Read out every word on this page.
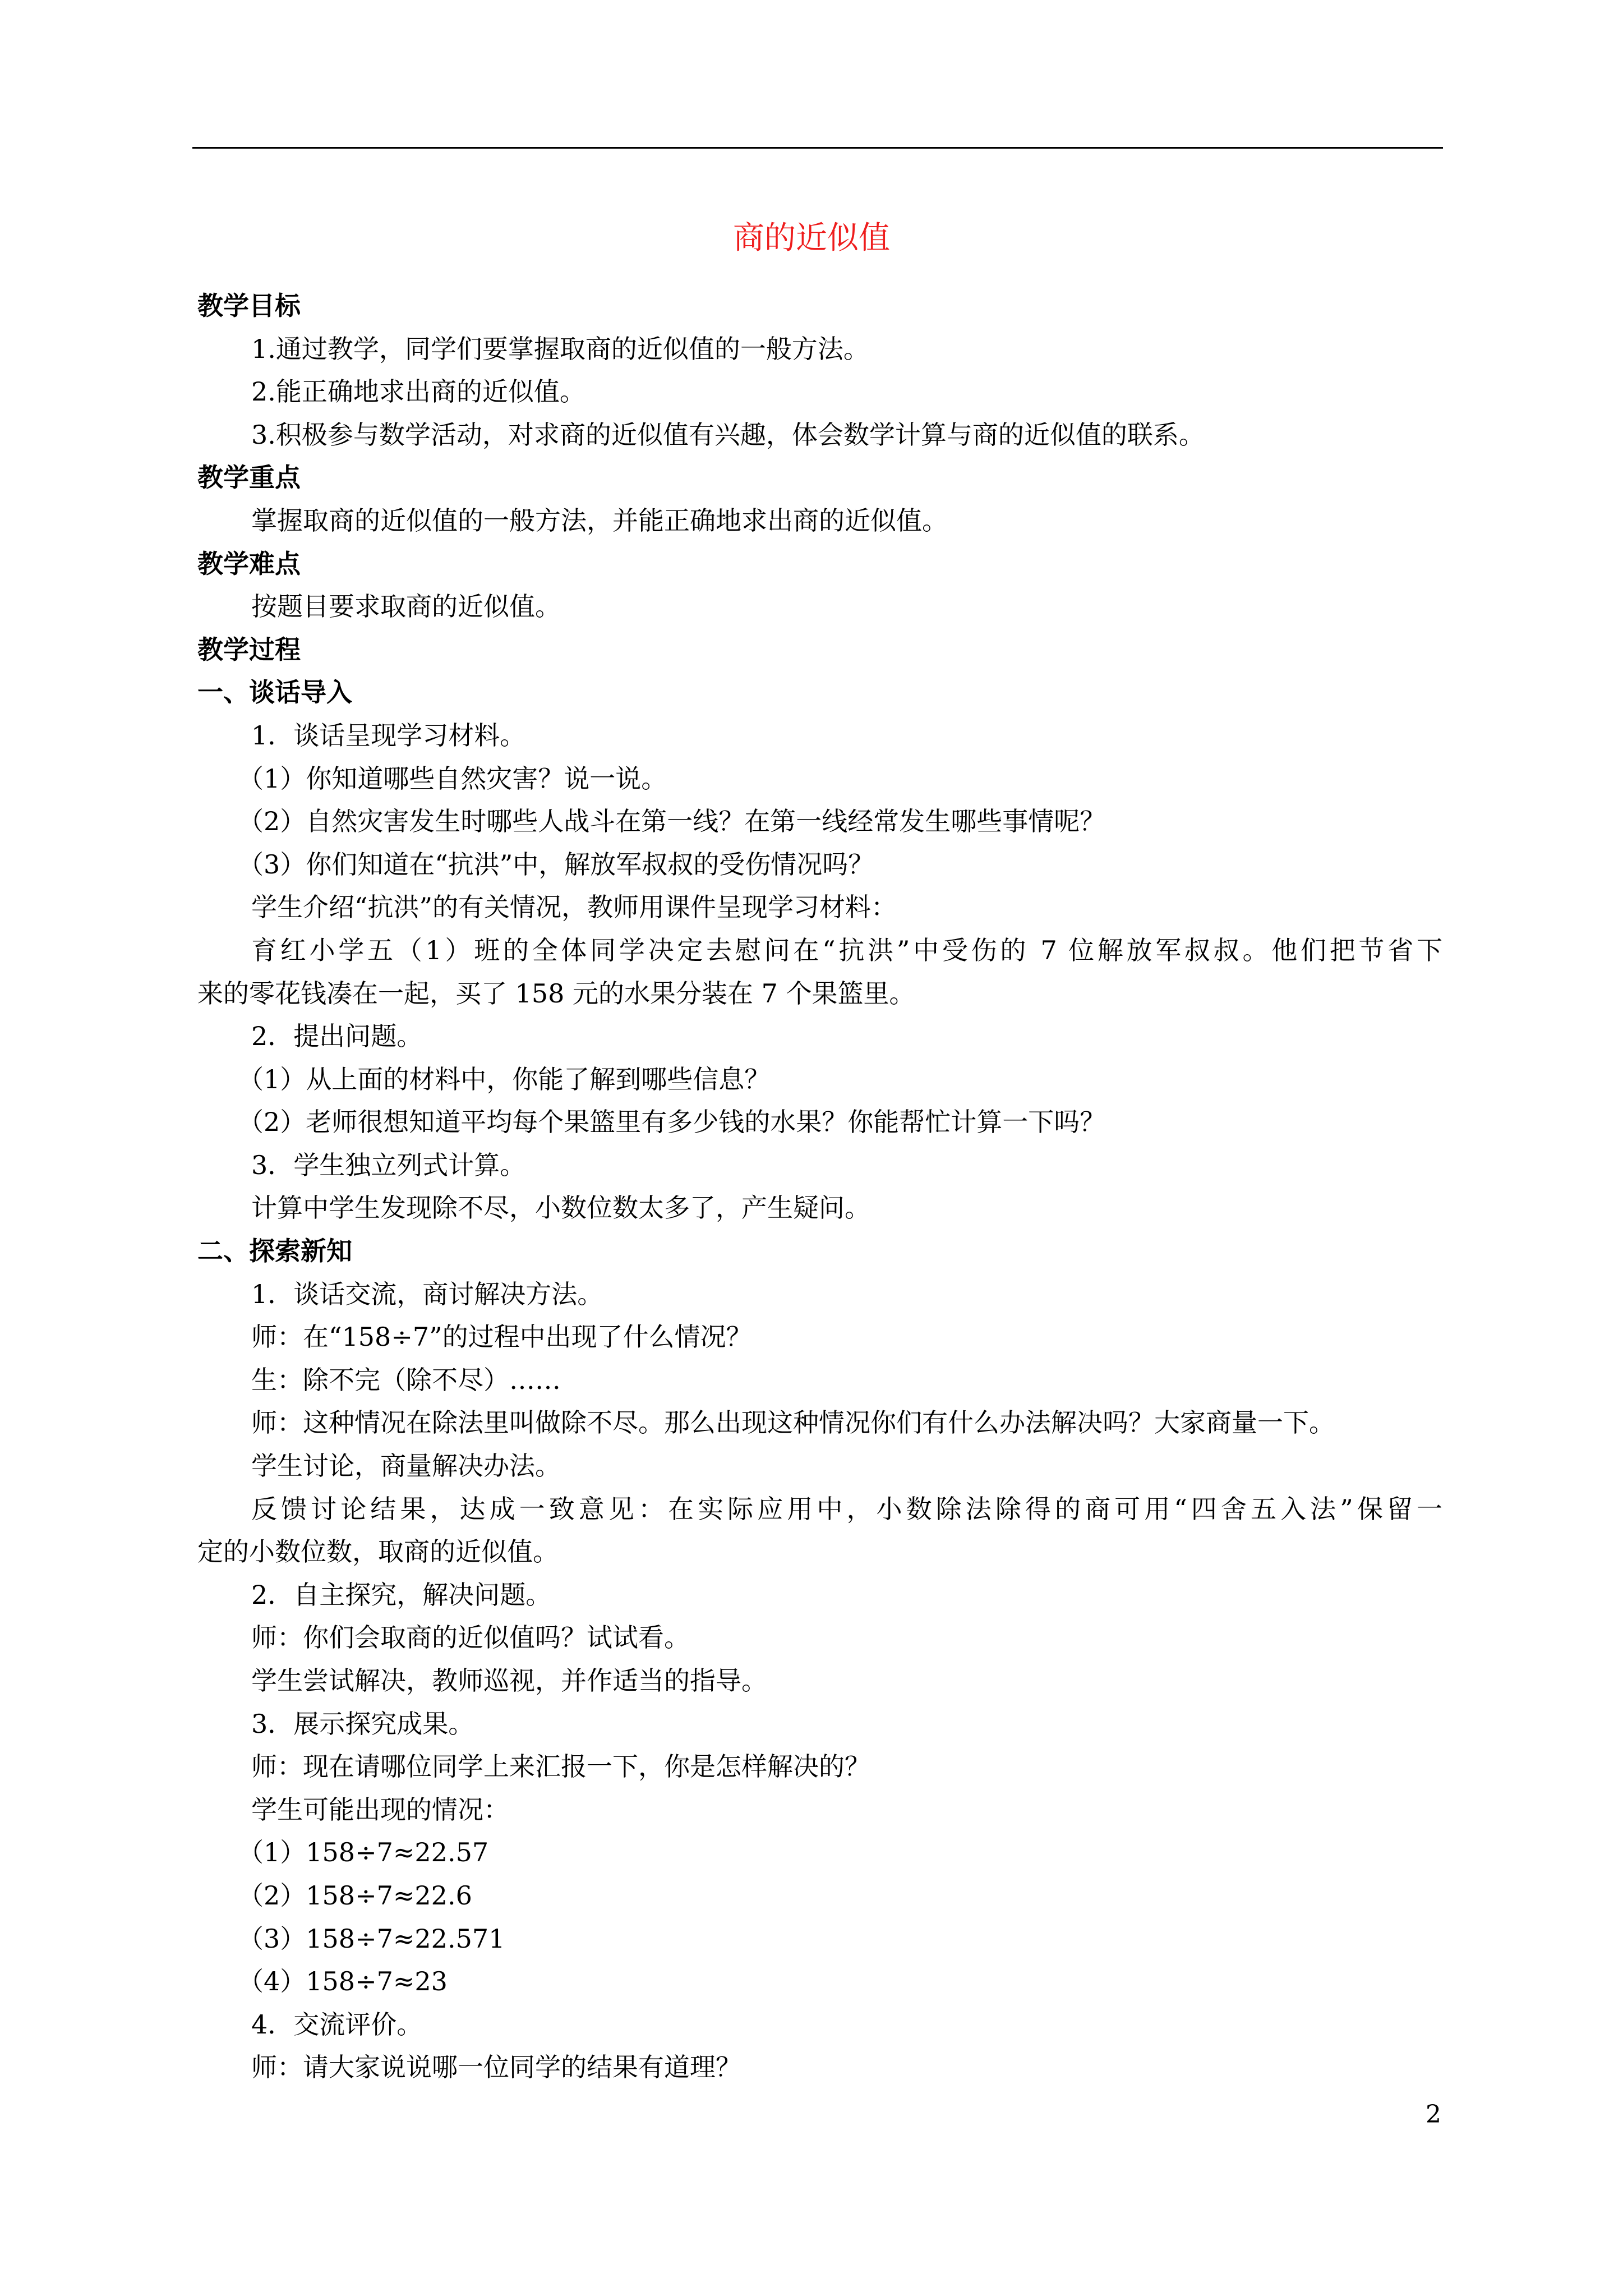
商的近似值
教学目标
1.通过教学，同学们要掌握取商的近似值的一般方法。
2.能正确地求出商的近似值。
3.积极参与数学活动，对求商的近似值有兴趣，体会数学计算与商的近似值的联系。
教学重点
掌握取商的近似值的一般方法，并能正确地求出商的近似值。
教学难点
按题目要求取商的近似值。
教学过程
一、谈话导入
1．谈话呈现学习材料。
（1）你知道哪些自然灾害？说一说。
（2）自然灾害发生时哪些人战斗在第一线？在第一线经常发生哪些事情呢？
（3）你们知道在“抗洪”中，解放军叔叔的受伤情况吗？
学生介绍“抗洪”的有关情况，教师用课件呈现学习材料：
育红小学五（1）班的全体同学决定去慰问在“抗洪”中受伤的 7 位解放军叔叔。他们把节省下
来的零花钱凑在一起，买了 158 元的水果分装在 7 个果篮里。
2．提出问题。
（1）从上面的材料中，你能了解到哪些信息？
（2）老师很想知道平均每个果篮里有多少钱的水果？你能帮忙计算一下吗？
3．学生独立列式计算。
计算中学生发现除不尽，小数位数太多了，产生疑问。
二、探索新知
1．谈话交流，商讨解决方法。
师：在“158÷7”的过程中出现了什么情况？
生：除不完（除不尽）……
师：这种情况在除法里叫做除不尽。那么出现这种情况你们有什么办法解决吗？大家商量一下。
学生讨论，商量解决办法。
反馈讨论结果，达成一致意见：在实际应用中，小数除法除得的商可用“四舍五入法”保留一
定的小数位数，取商的近似值。
2．自主探究，解决问题。
师：你们会取商的近似值吗？试试看。
学生尝试解决，教师巡视，并作适当的指导。
3．展示探究成果。
师：现在请哪位同学上来汇报一下，你是怎样解决的？
学生可能出现的情况：
（1）158÷7≈22.57
（2）158÷7≈22.6
（3）158÷7≈22.571
（4）158÷7≈23
4．交流评价。
师：请大家说说哪一位同学的结果有道理？
2
